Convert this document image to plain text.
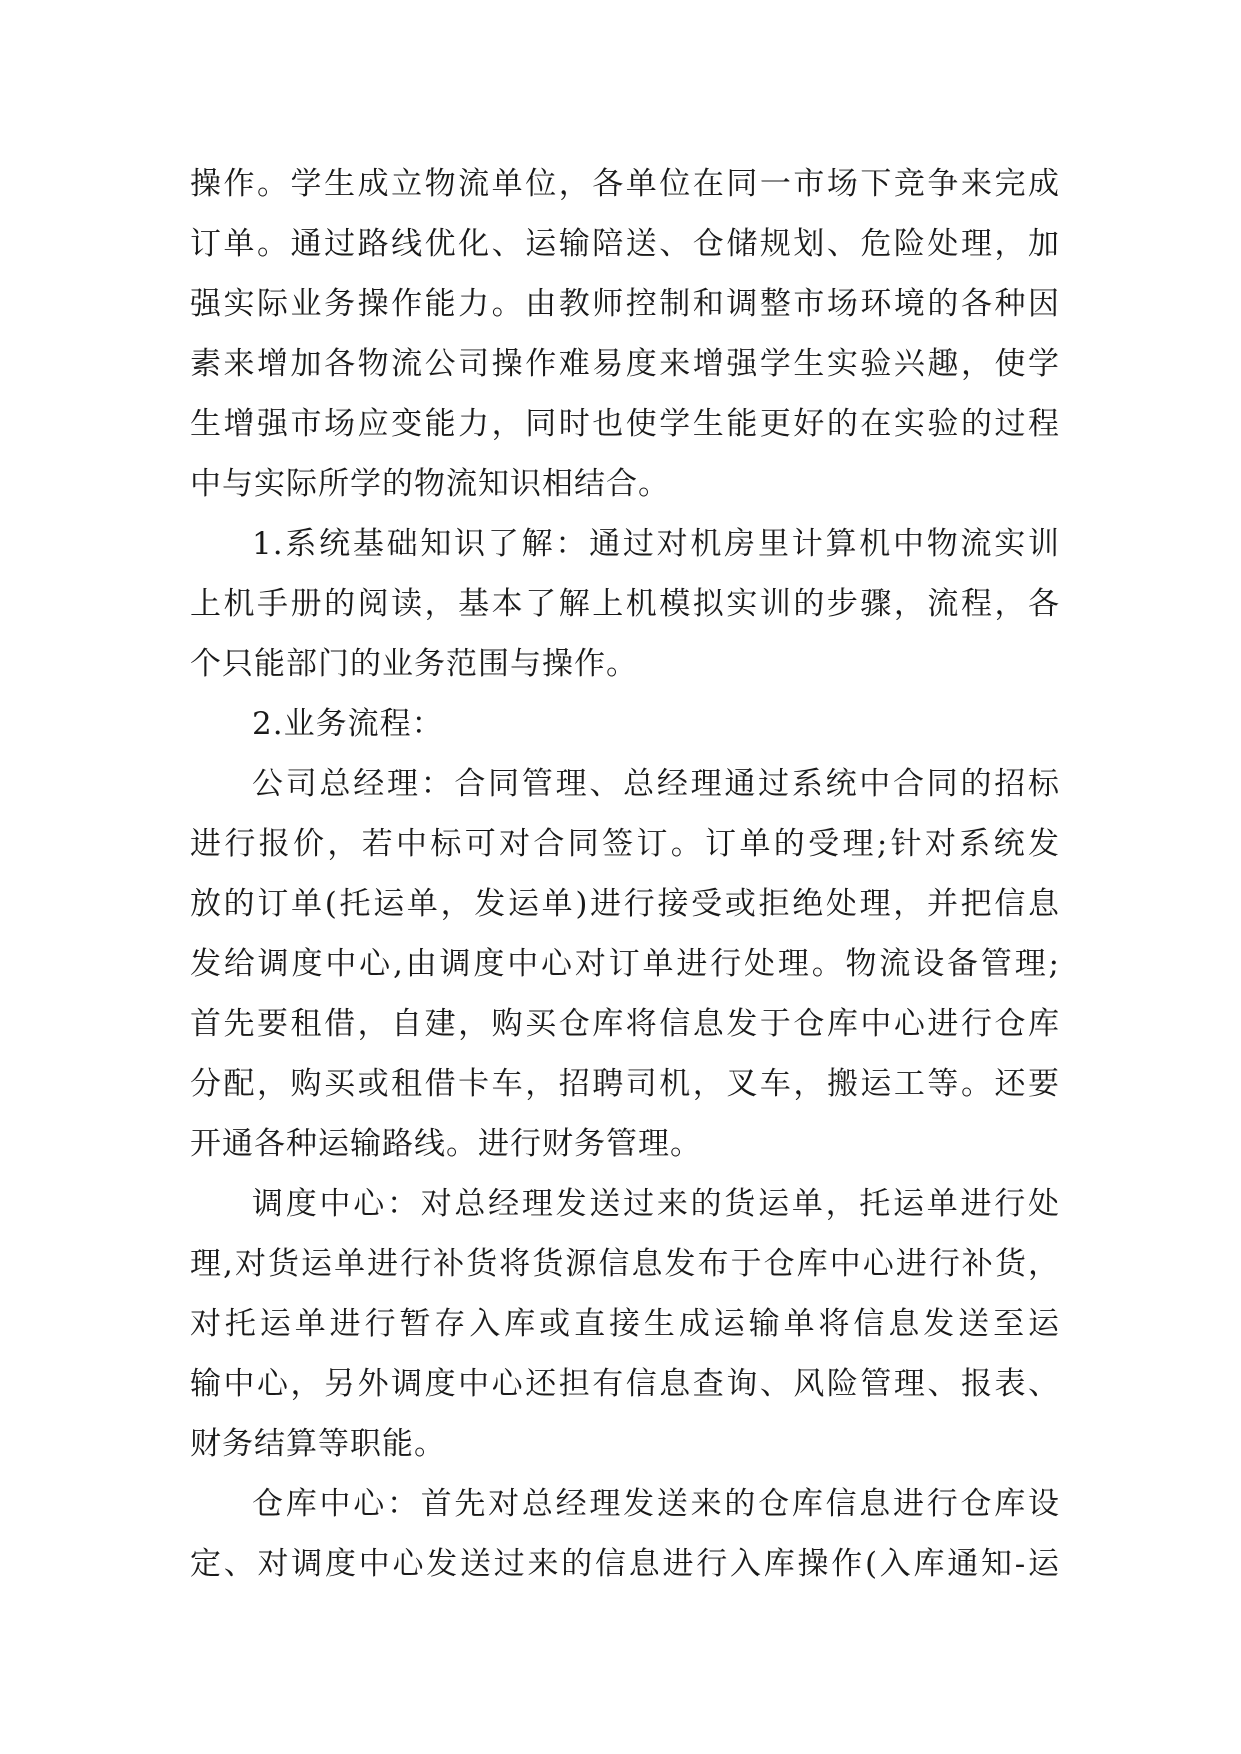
操作。学生成立物流单位，各单位在同一市场下竞争来完成
订单。通过路线优化、运输陪送、仓储规划、危险处理，加
强实际业务操作能力。由教师控制和调整市场环境的各种因
素来增加各物流公司操作难易度来增强学生实验兴趣，使学
生增强市场应变能力，同时也使学生能更好的在实验的过程
中与实际所学的物流知识相结合。
1.系统基础知识了解：通过对机房里计算机中物流实训
上机手册的阅读，基本了解上机模拟实训的步骤，流程，各
个只能部门的业务范围与操作。
2.业务流程：
公司总经理：合同管理、总经理通过系统中合同的招标
进行报价，若中标可对合同签订。订单的受理;针对系统发
放的订单(托运单，发运单)进行接受或拒绝处理，并把信息
发给调度中心,由调度中心对订单进行处理。物流设备管理;
首先要租借，自建，购买仓库将信息发于仓库中心进行仓库
分配，购买或租借卡车，招聘司机，叉车，搬运工等。还要
开通各种运输路线。进行财务管理。
调度中心：对总经理发送过来的货运单，托运单进行处
理,对货运单进行补货将货源信息发布于仓库中心进行补货，
对托运单进行暂存入库或直接生成运输单将信息发送至运
输中心，另外调度中心还担有信息查询、风险管理、报表、
财务结算等职能。
仓库中心：首先对总经理发送来的仓库信息进行仓库设
定、对调度中心发送过来的信息进行入库操作(入库通知-运
